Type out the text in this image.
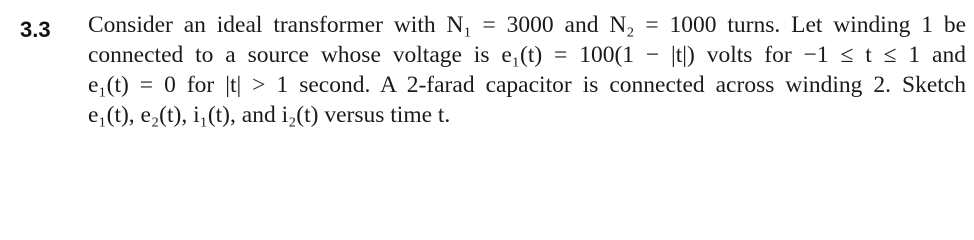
3.3 Consider an ideal transformer with N₁ = 3000 and N₂ = 1000 turns. Let winding 1 be
connected to a source whose voltage is e₁(t) = 100(1 − |t|) volts for −1 ≤ t ≤ 1 and
e₁(t) = 0 for |t| > 1 second. A 2-farad capacitor is connected across winding 2. Sketch
e₁(t), e₂(t), i₁(t), and i₂(t) versus time t.
